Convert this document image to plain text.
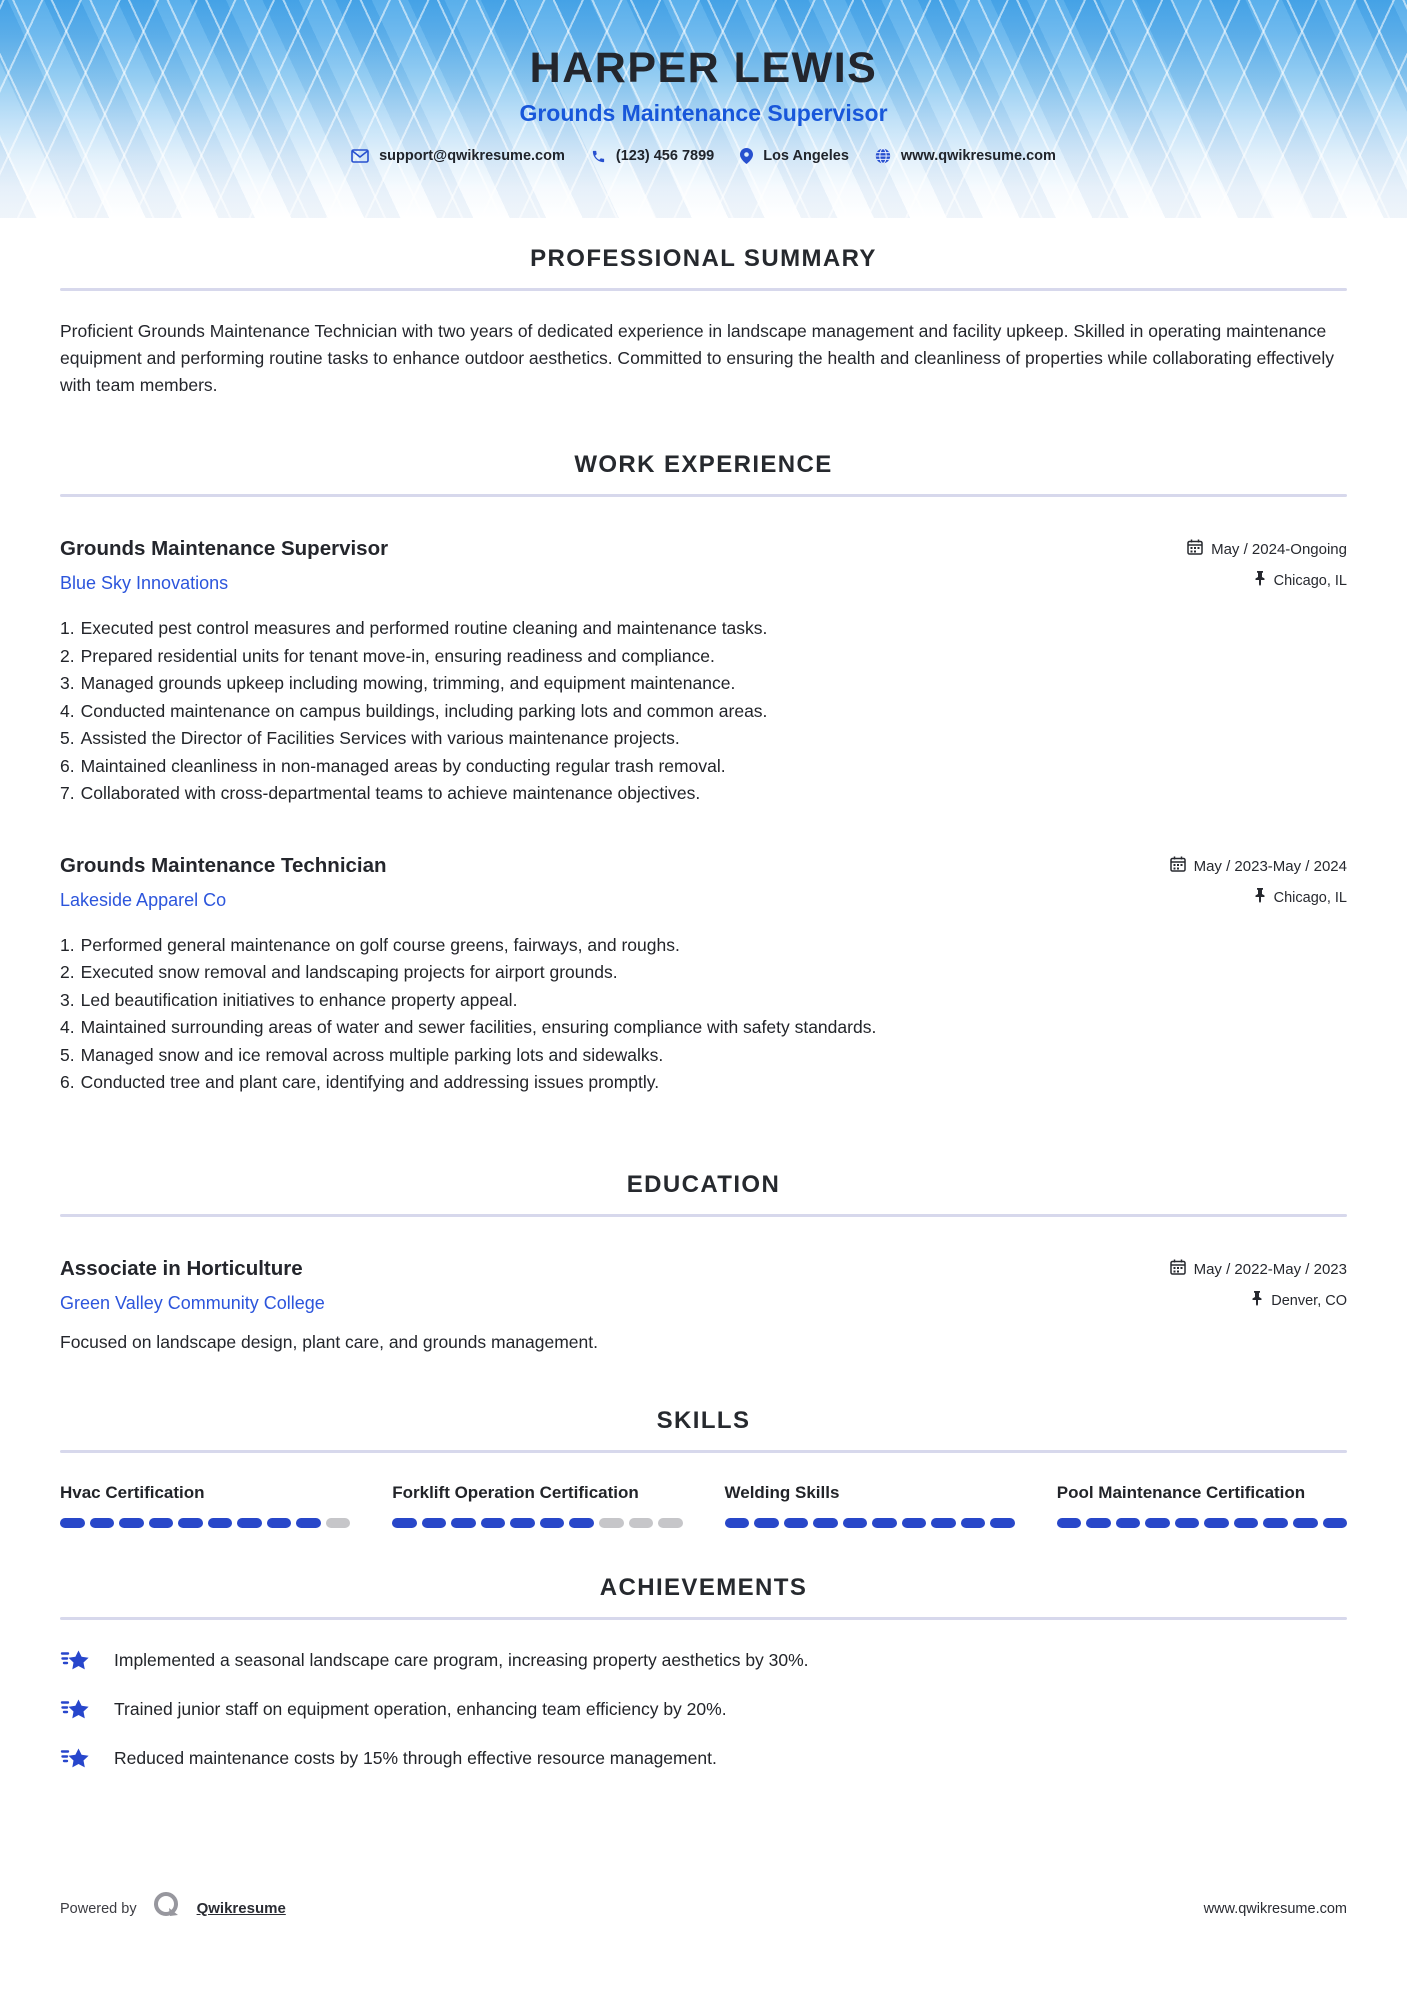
HARPER LEWIS
Grounds Maintenance Supervisor
support@qwikresume.com	(123) 456 7899	Los Angeles	www.qwikresume.com
PROFESSIONAL SUMMARY

Proficient Grounds Maintenance Technician with two years of dedicated experience in landscape management and facility upkeep. Skilled in operating maintenance equipment and performing routine tasks to enhance outdoor aesthetics. Committed to ensuring the health and cleanliness of properties while collaborating effectively with team members.

WORK EXPERIENCE
Grounds Maintenance Supervisor
Blue Sky Innovations
May / 2024-Ongoing
Chicago, IL
1. Executed pest control measures and performed routine cleaning and maintenance tasks.
2. Prepared residential units for tenant move-in, ensuring readiness and compliance.
3. Managed grounds upkeep including mowing, trimming, and equipment maintenance.
4. Conducted maintenance on campus buildings, including parking lots and common areas.
5. Assisted the Director of Facilities Services with various maintenance projects.
6. Maintained cleanliness in non-managed areas by conducting regular trash removal.
7. Collaborated with cross-departmental teams to achieve maintenance objectives.
Grounds Maintenance Technician
Lakeside Apparel Co
May / 2023-May / 2024
Chicago, IL
1. Performed general maintenance on golf course greens, fairways, and roughs.
2. Executed snow removal and landscaping projects for airport grounds.
3. Led beautification initiatives to enhance property appeal.
4. Maintained surrounding areas of water and sewer facilities, ensuring compliance with safety standards.
5. Managed snow and ice removal across multiple parking lots and sidewalks.
6. Conducted tree and plant care, identifying and addressing issues promptly.
EDUCATION
Associate in Horticulture
Green Valley Community College
May / 2022-May / 2023
Denver, CO

Focused on landscape design, plant care, and grounds management.

SKILLS
Hvac Certification	Forklift Operation Certification	Welding Skills	Pool Maintenance Certification
ACHIEVEMENTS
Implemented a seasonal landscape care program, increasing property aesthetics by 30%.
Trained junior staff on equipment operation, enhancing team efficiency by 20%.
Reduced maintenance costs by 15% through effective resource management.
Powered by	Qwikresume	www.qwikresume.com
